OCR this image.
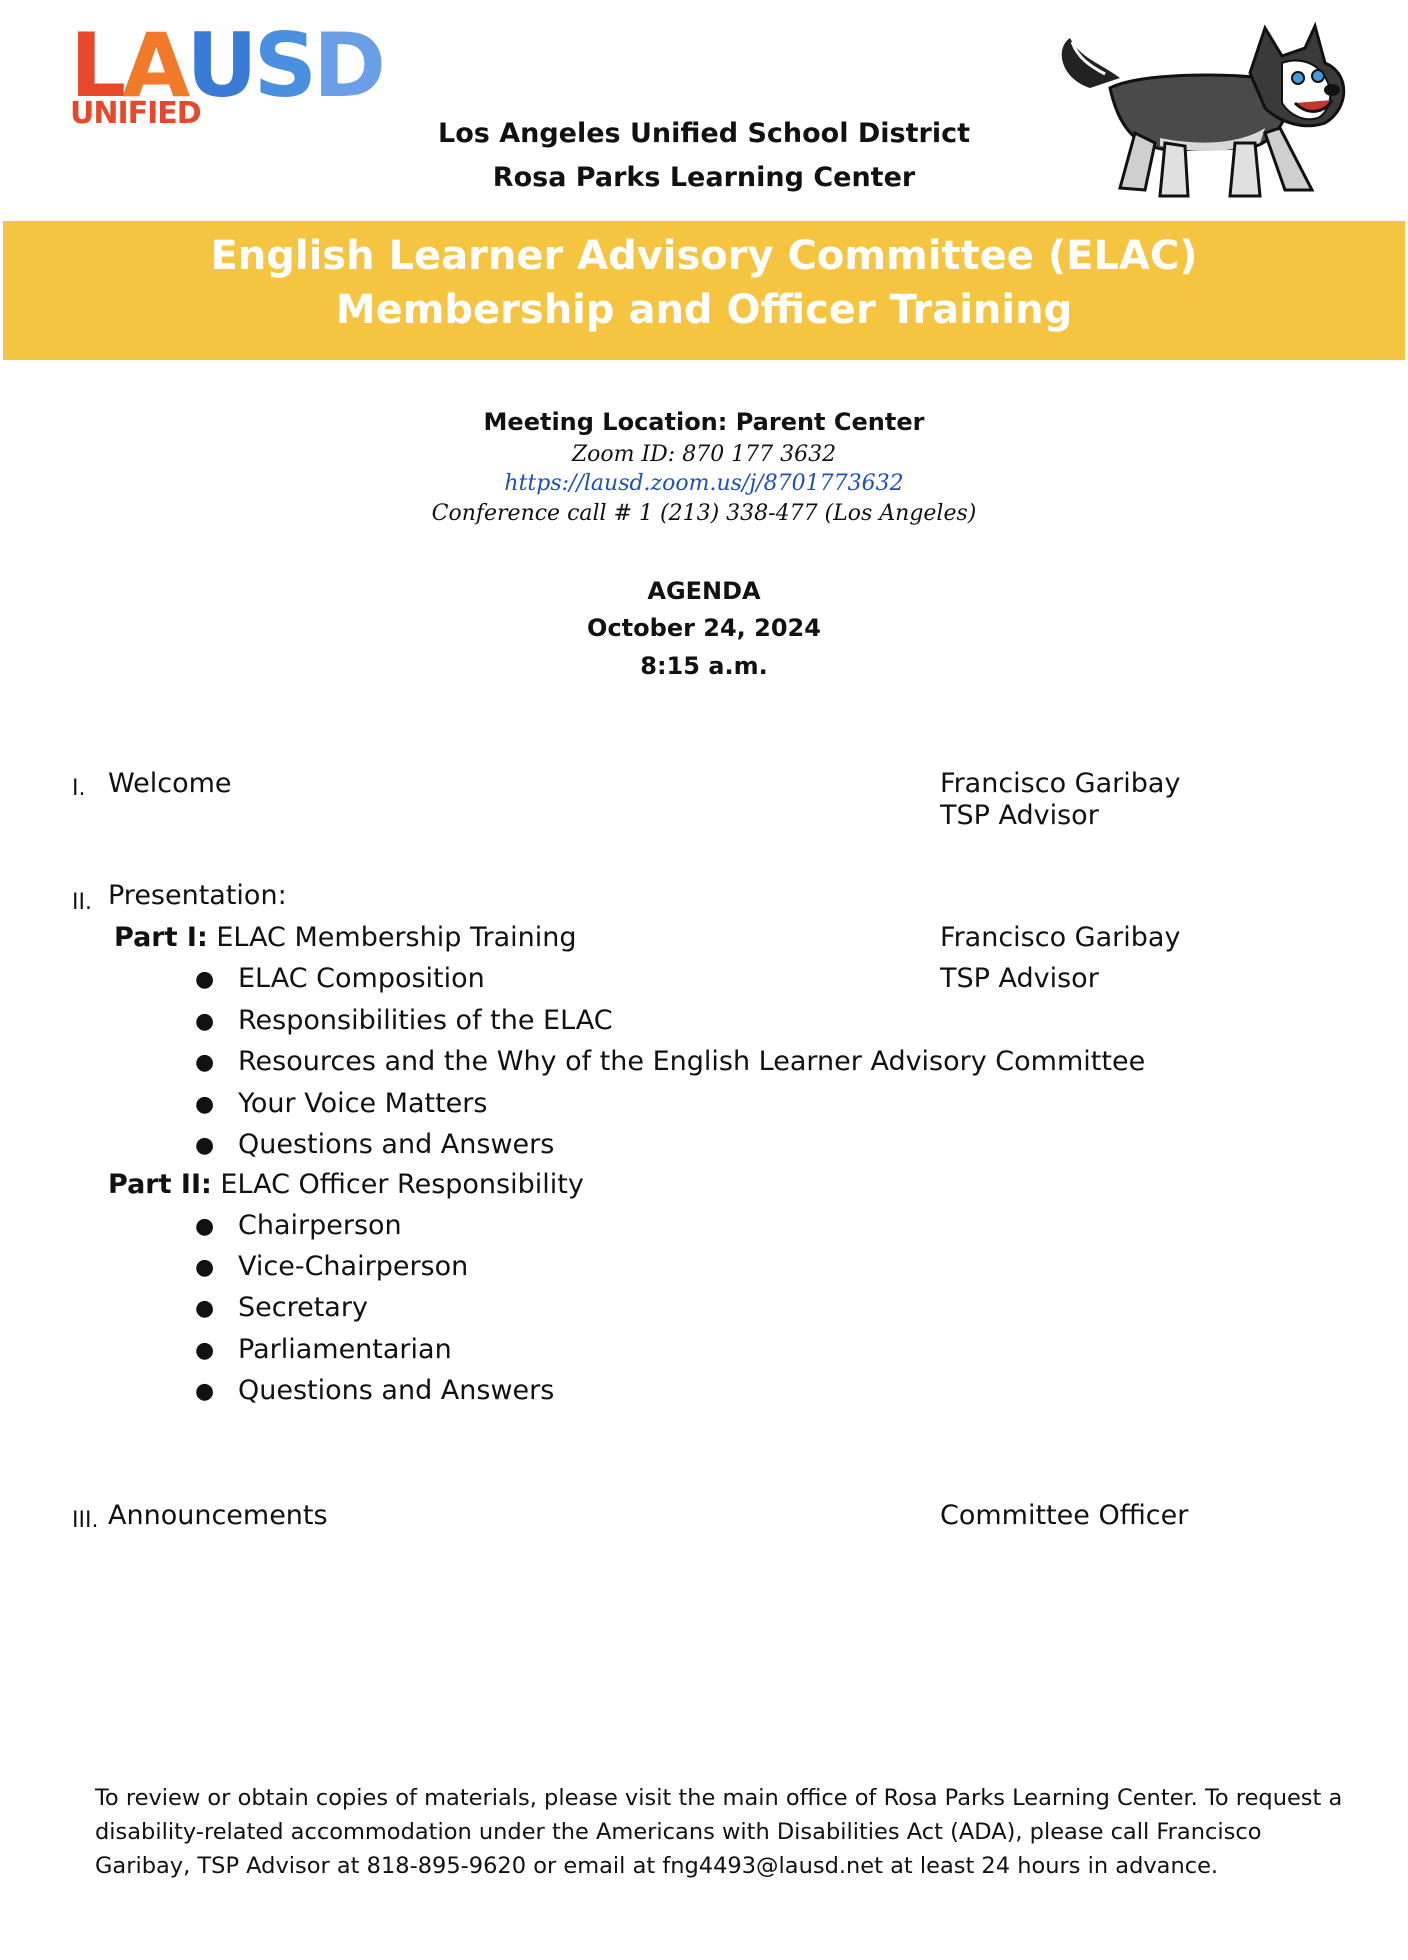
LAUSD
UNIFIED
Los Angeles Unified School District
Rosa Parks Learning Center
English Learner Advisory Committee (ELAC)
Membership and Officer Training
Meeting Location: Parent Center
Zoom ID: 870 177 3632
https://lausd.zoom.us/j/8701773632
Conference call # 1 (213) 338-477 (Los Angeles)
AGENDA
October 24, 2024
8:15 a.m.
I. Welcome	Francisco Garibay
TSP Advisor
II. Presentation:
Part I: ELAC Membership Training	Francisco Garibay
TSP Advisor
● ELAC Composition
● Responsibilities of the ELAC
● Resources and the Why of the English Learner Advisory Committee
● Your Voice Matters
● Questions and Answers
Part II: ELAC Officer Responsibility
● Chairperson
● Vice-Chairperson
● Secretary
● Parliamentarian
● Questions and Answers
III. Announcements	Committee Officer
To review or obtain copies of materials, please visit the main office of Rosa Parks Learning Center. To request a disability-related accommodation under the Americans with Disabilities Act (ADA), please call Francisco Garibay, TSP Advisor at 818-895-9620 or email at fng4493@lausd.net at least 24 hours in advance.
